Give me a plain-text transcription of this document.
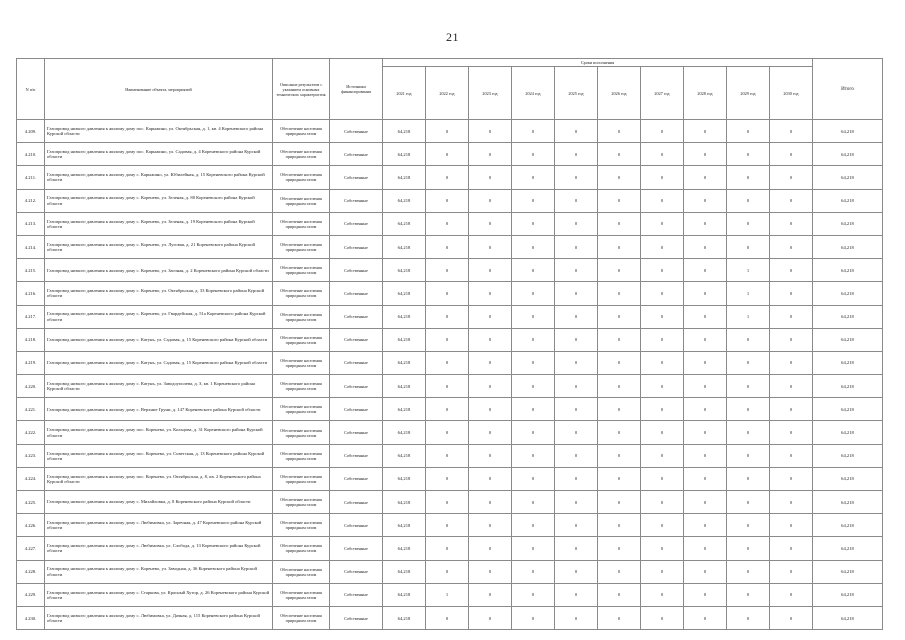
21
N п/п	Наименование объекта, мероприятий	Описание результатов с указанием основных технических характеристик	Источники финансирования	Сроки исполнения										Итого
				2021 год	2022 год	2023 год	2024 год	2025 год	2026 год	2027 год	2028 год	2029 год	2030 год	
4.209.	Газопровод низкого давления к жилому дому пос. Карыжино, ул. Октябрьская, д. 1, кв. 4 Кореневского района Курской области	Обеспечение населения природным газом	Собственные	64,218	0	0	0	0	0	0	0	0	0	64,218
4.210.	Газопровод низкого давления к жилому дому пос. Карыжино, ул. Садовая, д. 4 Кореневского района Курской области	Обеспечение населения природным газом	Собственные	64,218	0	0	0	0	0	0	0	0	0	64,218
4.211.	Газопровод низкого давления к жилому дому с. Карыжино, ул. Юбилейная, д. 15 Кореневского района Курской области	Обеспечение населения природным газом	Собственные	64,218	0	0	0	0	0	0	0	0	0	64,218
4.212.	Газопровод низкого давления к жилому дому с. Коренево, ул. Зеленая, д. 80 Кореневского района Курской области	Обеспечение населения природным газом	Собственные	64,218	0	0	0	0	0	0	0	0	0	64,218
4.213.	Газопровод низкого давления к жилому дому с. Коренево, ул. Зеленая, д. 19 Кореневского района Курской области	Обеспечение населения природным газом	Собственные	64,218	0	0	0	0	0	0	0	0	0	64,218
4.214.	Газопровод низкого давления к жилому дому с. Коренево, ул. Луговая, д. 21 Кореневского района Курской области	Обеспечение населения природным газом	Собственные	64,218	0	0	0	0	0	0	0	0	0	64,218
4.215.	Газопровод низкого давления к жилому дому с. Коренево, ул. Заозная, д. 2 Кореневского района Курской области	Обеспечение населения природным газом	Собственные	64,218	0	0	0	0	0	0	0	1	0	64,218
4.216.	Газопровод низкого давления к жилому дому с. Коренево, ул. Октябрьская, д. 33 Кореневского района Курской области	Обеспечение населения природным газом	Собственные	64,218	0	0	0	0	0	0	0	1	0	64,218
4.217.	Газопровод низкого давления к жилому дому с. Коренево, ул. Гвардейская, д. 51а Кореневского района Курской области	Обеспечение населения природным газом	Собственные	64,218	0	0	0	0	0	0	0	1	0	64,218
4.218.	Газопровод низкого давления к жилому дому с. Катунь, ул. Садовая, д. 15 Кореневского района Курской области	Обеспечение населения природным газом	Собственные	64,218	0	0	0	0	0	0	0	0	0	64,218
4.219.	Газопровод низкого давления к жилому дому с. Катунь, ул. Садовая, д. 15 Кореневского района Курской области	Обеспечение населения природным газом	Собственные	64,218	0	0	0	0	0	0	0	0	0	64,218
4.220.	Газопровод низкого давления к жилому дому с. Катунь, ул. Заводоуполева, д. 3, кв. 1 Кореневского района Курской области	Обеспечение населения природным газом	Собственные	64,218	0	0	0	0	0	0	0	0	0	64,218
4.221.	Газопровод низкого давления к жилому дому с. Верхние Груни, д. 147 Кореневского района Курской области	Обеспечение населения природным газом	Собственные	64,218	0	0	0	0	0	0	0	0	0	64,218
4.222.	Газопровод низкого давления к жилому дому пос. Коренево, ул. Кольцова, д. 31 Кореневского района Курской области	Обеспечение населения природным газом	Собственные	64,218	0	0	0	0	0	0	0	0	0	64,218
4.223.	Газопровод низкого давления к жилому дому пос. Коренево, ул. Советская, д. 13 Кореневского района Курской области	Обеспечение населения природным газом	Собственные	64,218	0	0	0	0	0	0	0	0	0	64,218
4.224.	Газопровод низкого давления к жилому дому пос. Коренево, ул. Октябрьская, д. 8, кв. 2 Кореневского района Курской области	Обеспечение населения природным газом	Собственные	64,218	0	0	0	0	0	0	0	0	0	64,218
4.225.	Газопровод низкого давления к жилому дому с. Михайловка, д. 8 Кореневского района Курской области	Обеспечение населения природным газом	Собственные	64,218	0	0	0	0	0	0	0	0	0	64,218
4.226.	Газопровод низкого давления к жилому дому с. Любимовка, ул. Заречная, д. 47 Кореневского района Курской области	Обеспечение населения природным газом	Собственные	64,218	0	0	0	0	0	0	0	0	0	64,218
4.227.	Газопровод низкого давления к жилому дому с. Любимовка, ул. Слобода, д. 13 Кореневского района Курской области	Обеспечение населения природным газом	Собственные	64,218	0	0	0	0	0	0	0	0	0	64,218
4.228.	Газопровод низкого давления к жилому дому с. Коренево, ул. Заводная, д. 36 Кореневского района Курской области	Обеспечение населения природным газом	Собственные	64,218	0	0	0	0	0	0	0	0	0	64,218
4.229.	Газопровод низкого давления к жилому дому с. Старкова, ул. Красный Хутор, д. 26 Кореневского района Курской области	Обеспечение населения природным газом	Собственные	64,218	1	0	0	0	0	0	0	0	0	64,218
4.230.	Газопровод низкого давления к жилому дому с. Любимовка, ул. Дачная, д. 115 Кореневского района Курской области	Обеспечение населения природным газом	Собственные	64,218	0	0	0	0	0	0	0	0	0	64,218
